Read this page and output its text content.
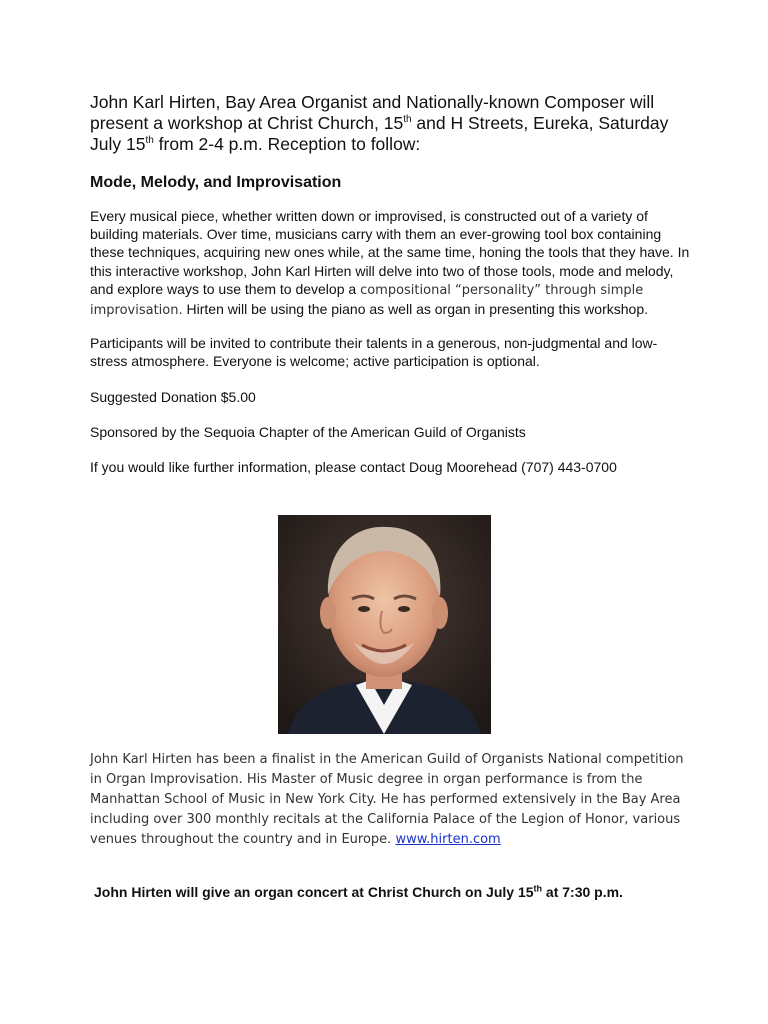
John Karl Hirten, Bay Area Organist and Nationally-known Composer will present a workshop at Christ Church, 15th and H Streets, Eureka, Saturday July 15th from 2-4 p.m. Reception to follow:

Mode, Melody, and Improvisation

Every musical piece, whether written down or improvised, is constructed out of a variety of building materials. Over time, musicians carry with them an ever-growing tool box containing these techniques, acquiring new ones while, at the same time, honing the tools that they have. In this interactive workshop, John Karl Hirten will delve into two of those tools, mode and melody, and explore ways to use them to develop a compositional “personality” through simple improvisation. Hirten will be using the piano as well as organ in presenting this workshop.

Participants will be invited to contribute their talents in a generous, non-judgmental and low-stress atmosphere. Everyone is welcome; active participation is optional.

Suggested Donation $5.00

Sponsored by the Sequoia Chapter of the American Guild of Organists

If you would like further information, please contact Doug Moorehead (707) 443-0700

John Karl Hirten has been a finalist in the American Guild of Organists National competition in Organ Improvisation. His Master of Music degree in organ performance is from the Manhattan School of Music in New York City. He has performed extensively in the Bay Area including over 300 monthly recitals at the California Palace of the Legion of Honor, various venues throughout the country and in Europe. www.hirten.com

John Hirten will give an organ concert at Christ Church on July 15th at 7:30 p.m.
